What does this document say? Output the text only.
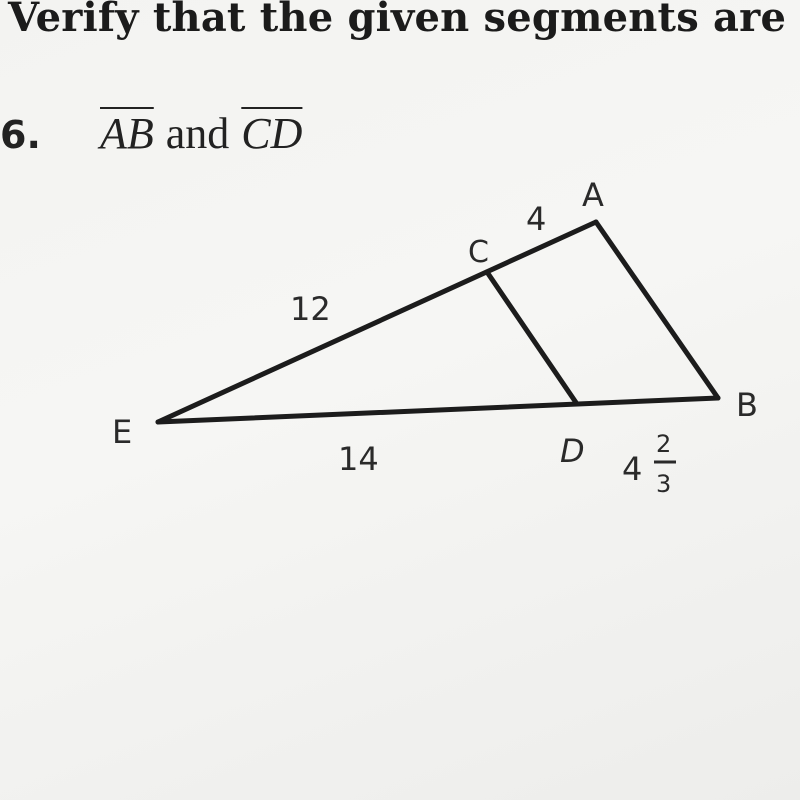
Verify that the given segments are
6. $\overline{AB}$ and $\overline{CD}$
A
B
C
D
E
12
4
14	4
2
3
